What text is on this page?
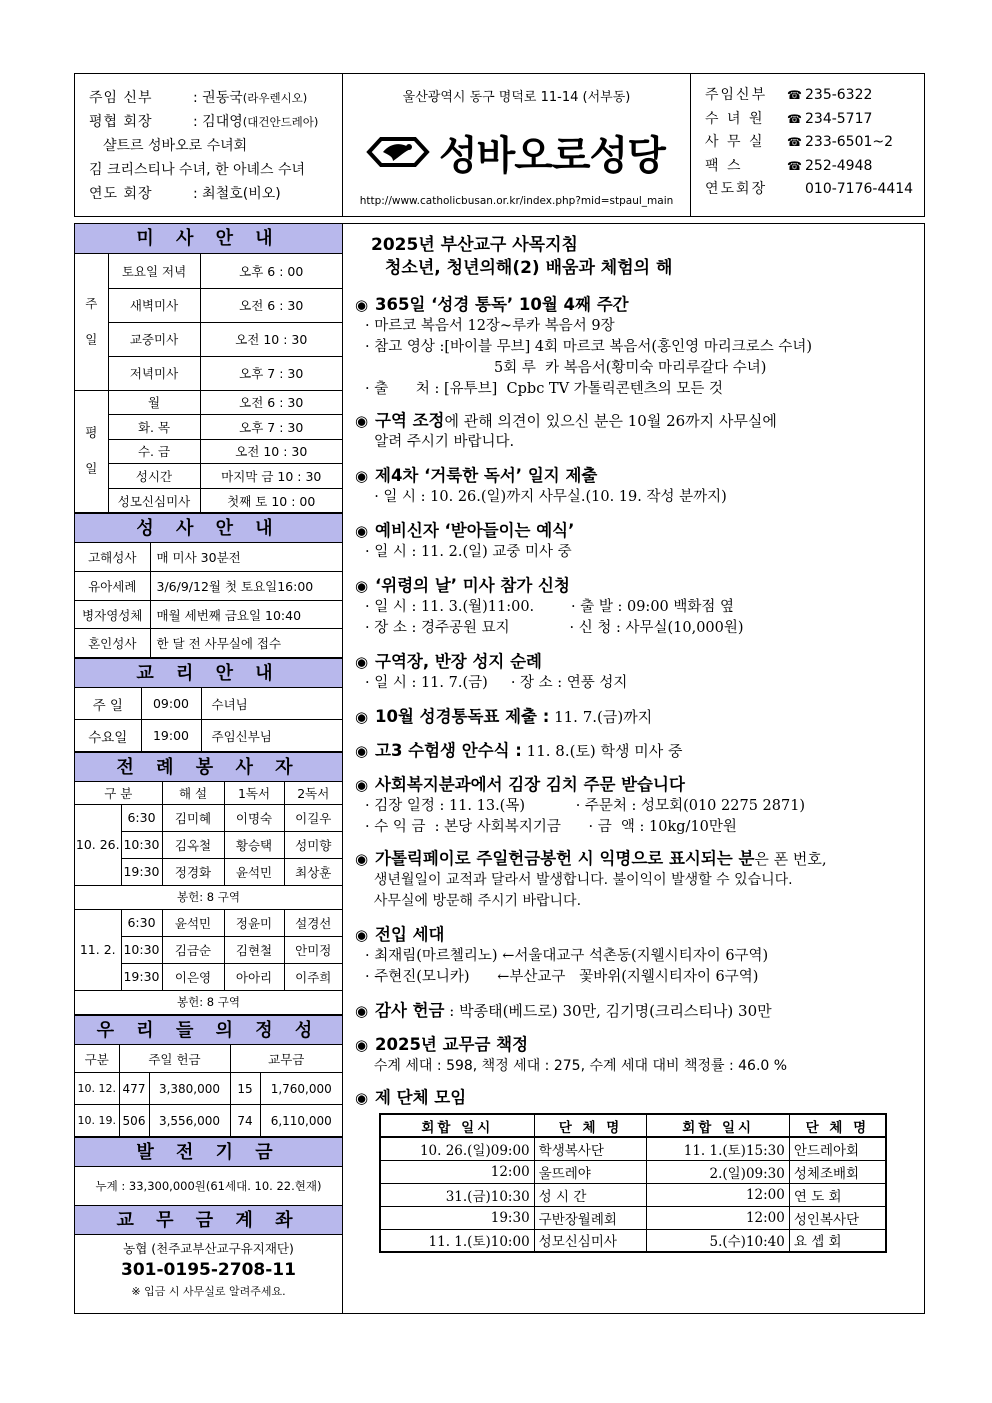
주임 신부	: 권동국(라우렌시오)
평협 회장	: 김대영(대건안드레아)
샬트르 성바오로 수녀회
김 크리스티나 수녀, 한 아녜스 수녀
연도 회장	: 최철호(비오)
울산광역시 동구 명덕로 11-14 (서부동)
성바오로성당
http://www.catholicbusan.or.kr/index.php?mid=stpaul_main
주임신부	☎ 235-6322
수 녀 원	☎ 234-5717
사 무 실	☎ 233-6501~2
팩 스	☎ 252-4948
연도회장	010-7176-4414
미 사 안 내
주
일	토요일 저녁	오후 6 : 00
	새벽미사	오전 6 : 30
	교중미사	오전 10 : 30
	저녁미사	오후 7 : 30

평
일	월	오전 6 : 30
	화. 목	오후 7 : 30
	수. 금	오전 10 : 30
	성시간	마지막 금 10 : 30
	성모신심미사	첫째 토 10 : 00
성 사 안 내
고해성사	매 미사 30분전
유아세례	3/6/9/12월 첫 토요일16:00
병자영성체	매월 세번째 금요일 10:40
혼인성사	한 달 전 사무실에 접수
교 리 안 내
주 일	09:00	수녀님
수요일	19:00	주임신부님
전 례 봉 사 자
구 분		해 설	1독서	2독서
10. 26.	6:30	김미혜	이명숙	이길우
	10:30	김옥철	황승택	성미향
	19:30	정경화	윤석민	최상훈
봉헌: 8 구역				
11. 2.	6:30	윤석민	정윤미	설경선
	10:30	김금순	김현철	안미정
	19:30	이은영	아아리	이주희
봉헌: 8 구역				
우 리 들 의 정 성
구분	주일 헌금		교무금	
10. 12.	477	3,380,000	15	1,760,000
10. 19.	506	3,556,000	74	6,110,000
발 전 기 금
누계 : 33,300,000원(61세대. 10. 22.현재)
교 무 금 계 좌
농협 (천주교부산교구유지재단)
301-0195-2708-11
※ 입금 시 사무실로 알려주세요.
2025년 부산교구 사목지침
청소년, 청년의해(2) 배움과 체험의 해
◉ 365일 ‘성경 통독’ 10월 4째 주간
· 마르코 복음서 12장~루카 복음서 9장
· 참고 영상 :[바이블 무브] 4회 마르코 복음서(홍인영 마리크로스 수녀)
5회 루  카 복음서(황미숙 마리루갈다 수녀)
· 출      처 : [유투브]  Cpbc TV 가톨릭콘텐츠의 모든 것
◉ 구역 조정에 관해 의견이 있으신 분은 10월 26까지 사무실에
알려 주시기 바랍니다.
◉ 제4차 ‘거룩한 독서’ 일지 제출
· 일 시 : 10. 26.(일)까지 사무실.(10. 19. 작성 분까지)
◉ 예비신자 ‘받아들이는 예식’
· 일 시 : 11. 2.(일) 교중 미사 중
◉ ‘위령의 날’ 미사 참가 신청
· 일 시 : 11. 3.(월)11:00.        · 출 발 : 09:00 백화점 옆
· 장 소 : 경주공원 묘지             · 신 청 : 사무실(10,000원)
◉ 구역장, 반장 성지 순례
· 일 시 : 11. 7.(금)     · 장 소 : 연풍 성지
◉ 10월 성경통독표 제출 : 11. 7.(금)까지
◉ 고3 수험생 안수식 : 11. 8.(토) 학생 미사 중
◉ 사회복지분과에서 김장 김치 주문 받습니다
· 김장 일정 : 11. 13.(목)           · 주문처 : 성모회(010 2275 2871)
· 수 익 금  : 본당 사회복지기금      · 금  액 : 10kg/10만원
◉ 가톨릭페이로 주일헌금봉헌 시 익명으로 표시되는 분은 폰 번호,
생년월일이 교적과 달라서 발생합니다. 불이익이 발생할 수 있습니다.
사무실에 방문해 주시기 바랍니다.
◉ 전입 세대
· 최재림(마르첼리노) ←서울대교구 석촌동(지웰시티자이 6구역)
· 주현진(모니카)      ←부산교구   꽃바위(지웰시티자이 6구역)
◉ 감사 헌금 : 박종태(베드로) 30만, 김기명(크리스티나) 30만
◉ 2025년 교무금 책정
수계 세대 : 598, 책정 세대 : 275, 수계 세대 대비 책정률 : 46.0 %
◉ 제 단체 모임
회합 일시	단 체 명	회합 일시	단 체 명
10. 26.(일)09:00	학생복사단	11. 1.(토)15:30	안드레아회
12:00	울뜨레야	2.(일)09:30	성체조배회
31.(금)10:30	성 시 간	12:00	연 도 회
19:30	구반장월례회	12:00	성인복사단
11. 1.(토)10:00	성모신심미사	5.(수)10:40	요 셉 회
